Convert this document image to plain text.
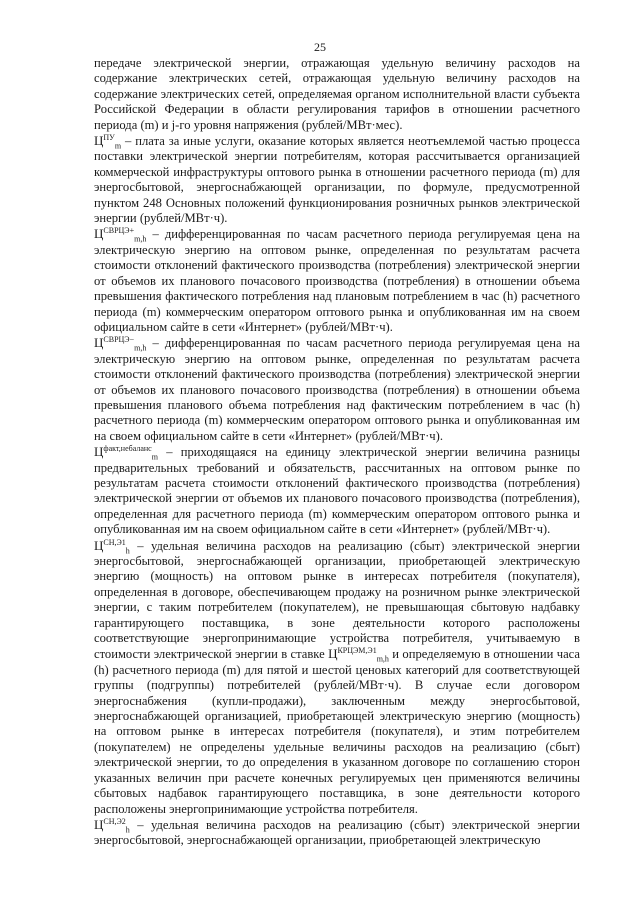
25

передаче электрической энергии, отражающая удельную величину расходов на содержание электрических сетей, отражающая удельную величину расходов на содержание электрических сетей, определяемая органом исполнительной власти субъекта Российской Федерации в области регулирования тарифов в отношении расчетного периода (m) и j-го уровня напряжения (рублей/МВт·мес).

$Ц^{ПУ}_m$ – плата за иные услуги, оказание которых является неотъемлемой частью процесса поставки электрической энергии потребителям, которая рассчитывается организацией коммерческой инфраструктуры оптового рынка в отношении расчетного периода (m) для энергосбытовой, энергоснабжающей организации, по формуле, предусмотренной пунктом 248 Основных положений функционирования розничных рынков электрической энергии (рублей/МВт·ч).

$Ц^{СВРЦЭ+}_{m,h}$ – дифференцированная по часам расчетного периода регулируемая цена на электрическую энергию на оптовом рынке, определенная по результатам расчета стоимости отклонений фактического производства (потребления) электрической энергии от объемов их планового почасового производства (потребления) в отношении объема превышения фактического потребления над плановым потреблением в час (h) расчетного периода (m) коммерческим оператором оптового рынка и опубликованная им на своем официальном сайте в сети «Интернет» (рублей/МВт·ч).

$Ц^{СВРЦЭ-}_{m,h}$ – дифференцированная по часам расчетного периода регулируемая цена на электрическую энергию на оптовом рынке, определенная по результатам расчета стоимости отклонений фактического производства (потребления) электрической энергии от объемов их планового почасового производства (потребления) в отношении объема превышения планового объема потребления над фактическим потреблением в час (h) расчетного периода (m) коммерческим оператором оптового рынка и опубликованная им на своем официальном сайте в сети «Интернет» (рублей/МВт·ч).

$Ц^{факт,небаланс}_m$ – приходящаяся на единицу электрической энергии величина разницы предварительных требований и обязательств, рассчитанных на оптовом рынке по результатам расчета стоимости отклонений фактического производства (потребления) электрической энергии от объемов их планового почасового производства (потребления), определенная для расчетного периода (m) коммерческим оператором оптового рынка и опубликованная им на своем официальном сайте в сети «Интернет» (рублей/МВт·ч).

$Ц^{СН,Э1}_h$ – удельная величина расходов на реализацию (сбыт) электрической энергии энергосбытовой, энергоснабжающей организации, приобретающей электрическую энергию (мощность) на оптовом рынке в интересах потребителя (покупателя), определенная в договоре, обеспечивающем продажу на розничном рынке электрической энергии, с таким потребителем (покупателем), не превышающая сбытовую надбавку гарантирующего поставщика, в зоне деятельности которого расположены соответствующие энергопринимающие устройства потребителя, учитываемую в стоимости электрической энергии в ставке $Ц^{КРЦЭМ,Э1}_{m,h}$ и определяемую в отношении часа (h) расчетного периода (m) для пятой и шестой ценовых категорий для соответствующей группы (подгруппы) потребителей (рублей/МВт·ч). В случае если договором энергоснабжения (купли-продажи), заключенным между энергосбытовой, энергоснабжающей организацией, приобретающей электрическую энергию (мощность) на оптовом рынке в интересах потребителя (покупателя), и этим потребителем (покупателем) не определены удельные величины расходов на реализацию (сбыт) электрической энергии, то до определения в указанном договоре по соглашению сторон указанных величин при расчете конечных регулируемых цен применяются величины сбытовых надбавок гарантирующего поставщика, в зоне деятельности которого расположены энергопринимающие устройства потребителя.

$Ц^{СН,Э2}_h$ – удельная величина расходов на реализацию (сбыт) электрической энергии энергосбытовой, энергоснабжающей организации, приобретающей электрическую
